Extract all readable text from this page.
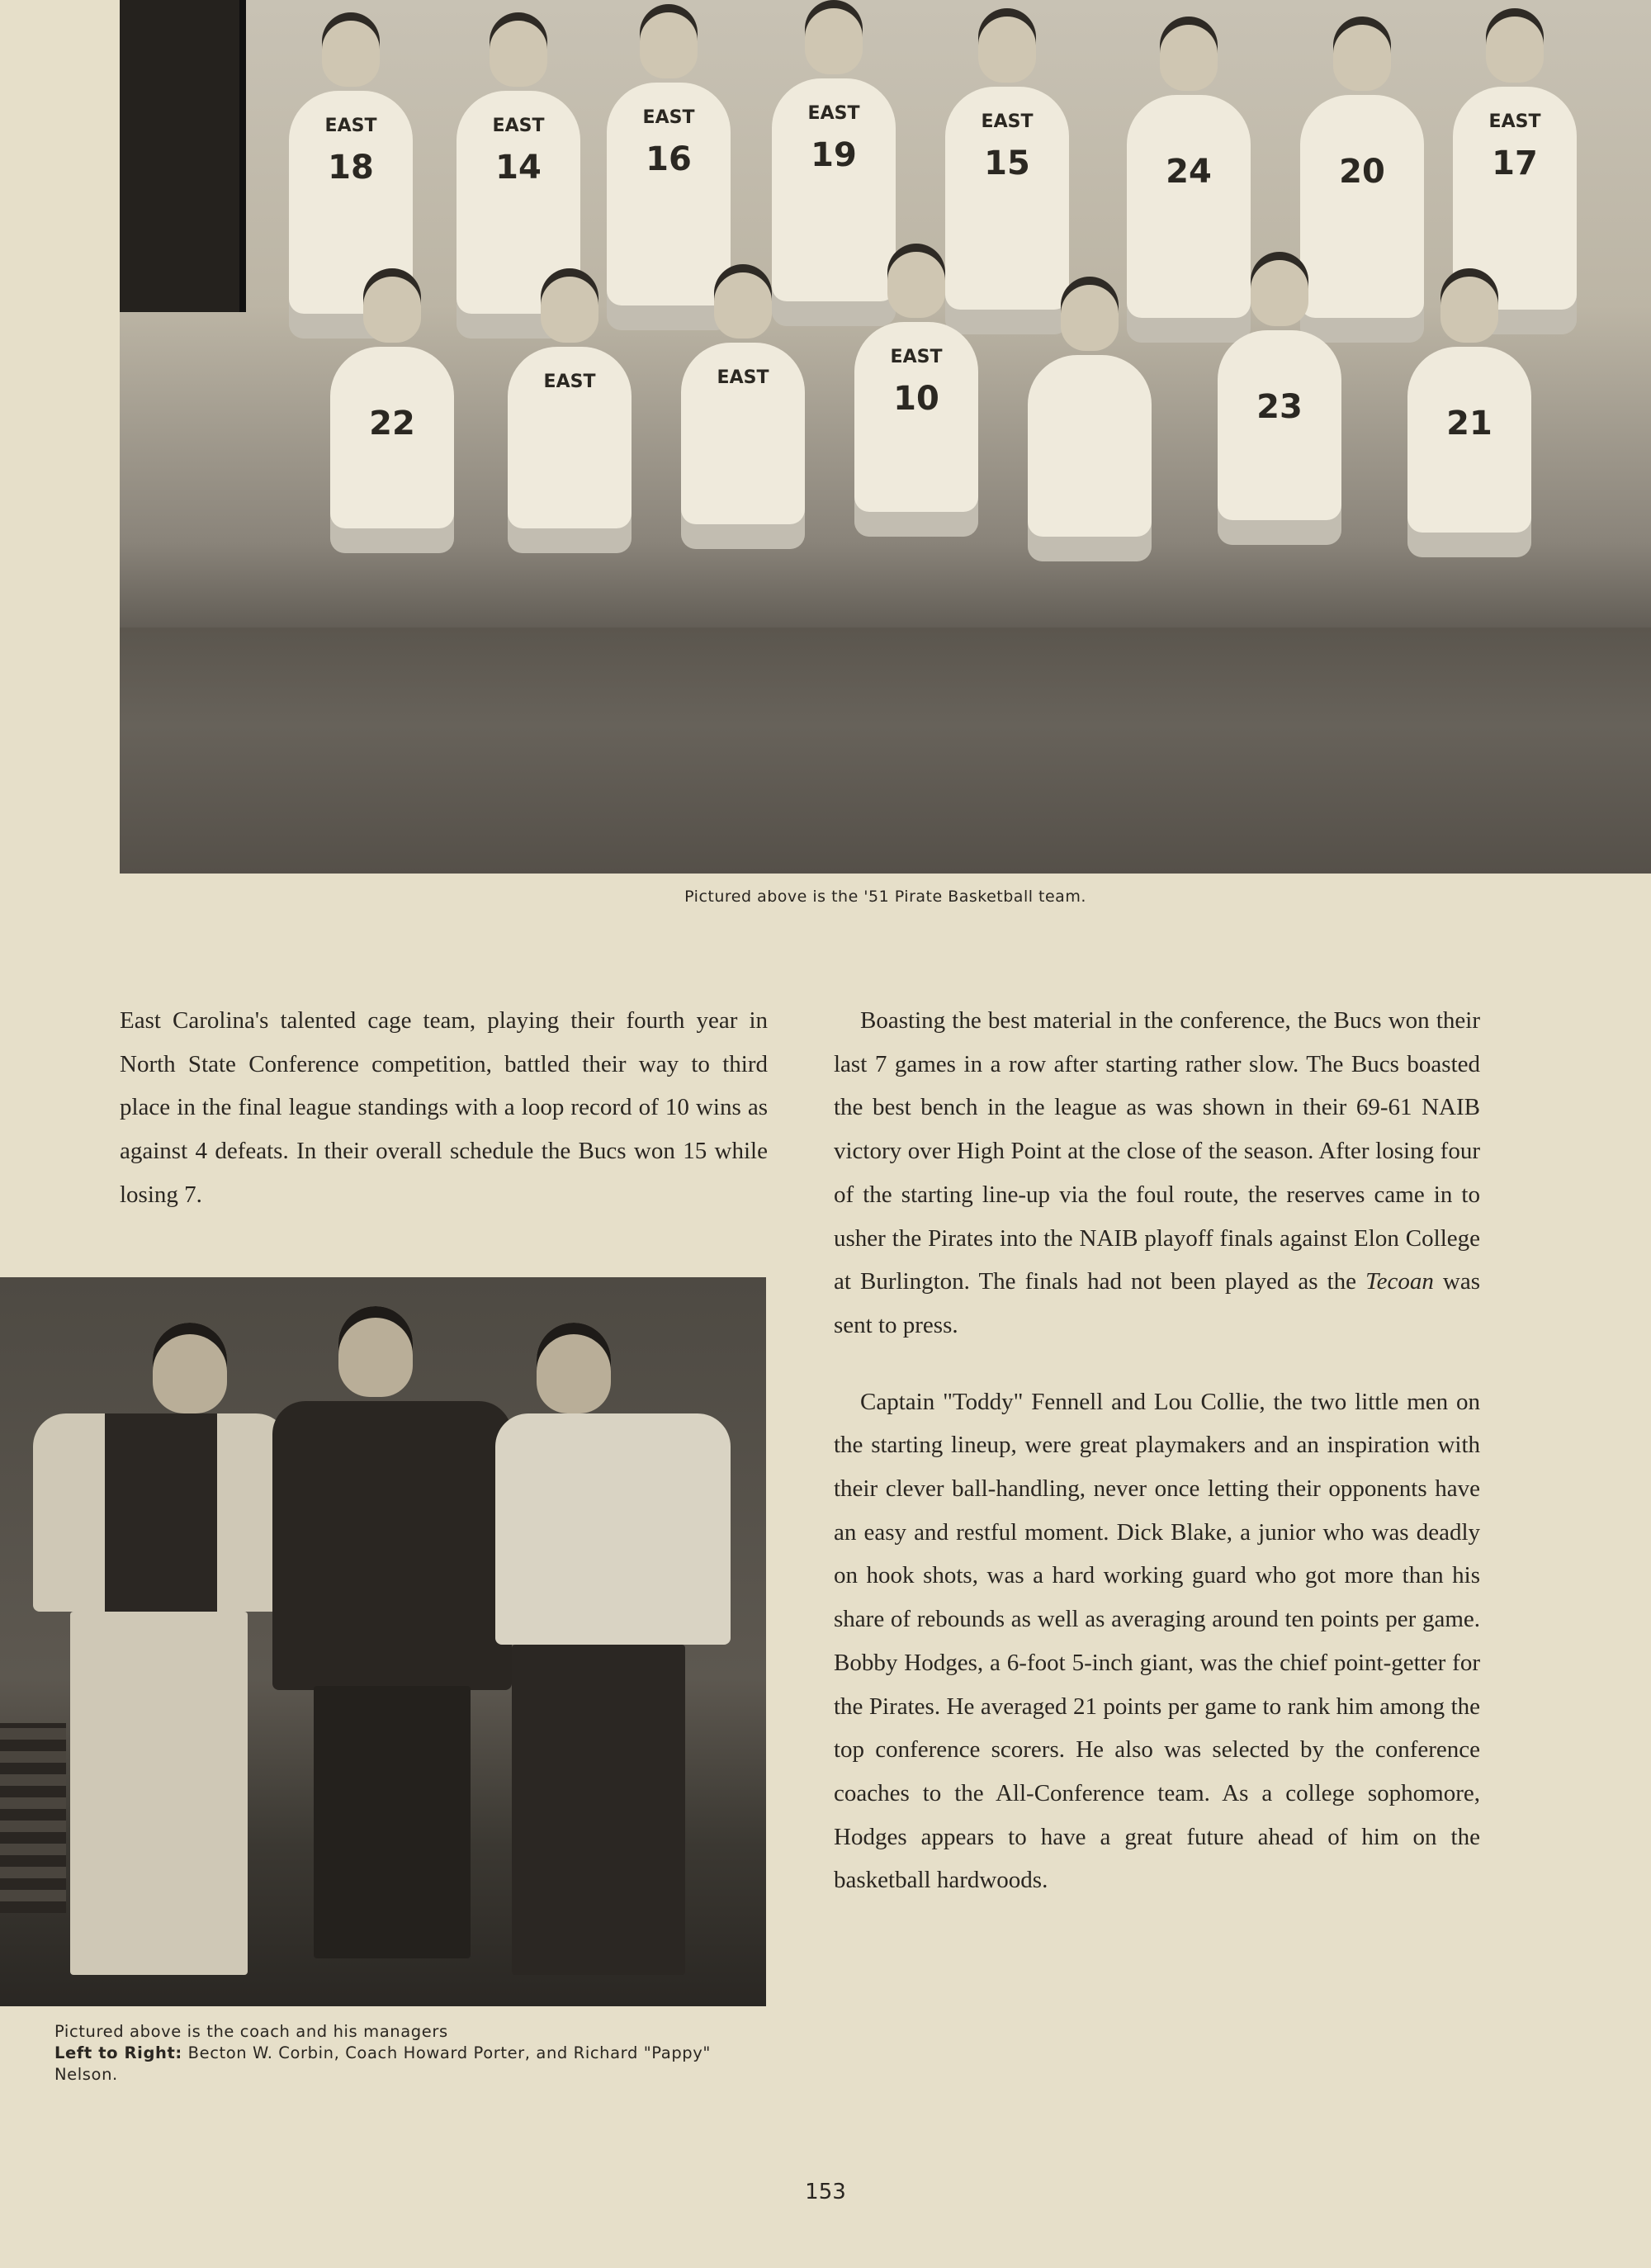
EAST
18
EAST
14
EAST
16
EAST
19
EAST
15	24	20
EAST
17
22
EAST	EAST
EAST
10	23	21
Pictured above is the '51 Pirate Basketball team.

East Carolina's talented cage team, playing their fourth year in North State Conference competition, battled their way to third place in the final league standings with a loop record of 10 wins as against 4 defeats. In their overall schedule the Bucs won 15 while losing 7.

Boasting the best material in the conference, the Bucs won their last 7 games in a row after starting rather slow. The Bucs boasted the best bench in the league as was shown in their 69-61 NAIB victory over High Point at the close of the season. After losing four of the starting line-up via the foul route, the reserves came in to usher the Pirates into the NAIB playoff finals against Elon College at Burlington. The finals had not been played as the Tecoan was sent to press.

Captain "Toddy" Fennell and Lou Collie, the two little men on the starting lineup, were great playmakers and an inspiration with their clever ball-handling, never once letting their opponents have an easy and restful moment. Dick Blake, a junior who was deadly on hook shots, was a hard working guard who got more than his share of rebounds as well as averaging around ten points per game. Bobby Hodges, a 6-foot 5-inch giant, was the chief point-getter for the Pirates. He averaged 21 points per game to rank him among the top conference scorers. He also was selected by the conference coaches to the All-Conference team. As a college sophomore, Hodges appears to have a great future ahead of him on the basketball hardwoods.

Pictured above is the coach and his managers
Left to Right: Becton W. Corbin, Coach Howard Porter, and Richard "Pappy" Nelson.
153
